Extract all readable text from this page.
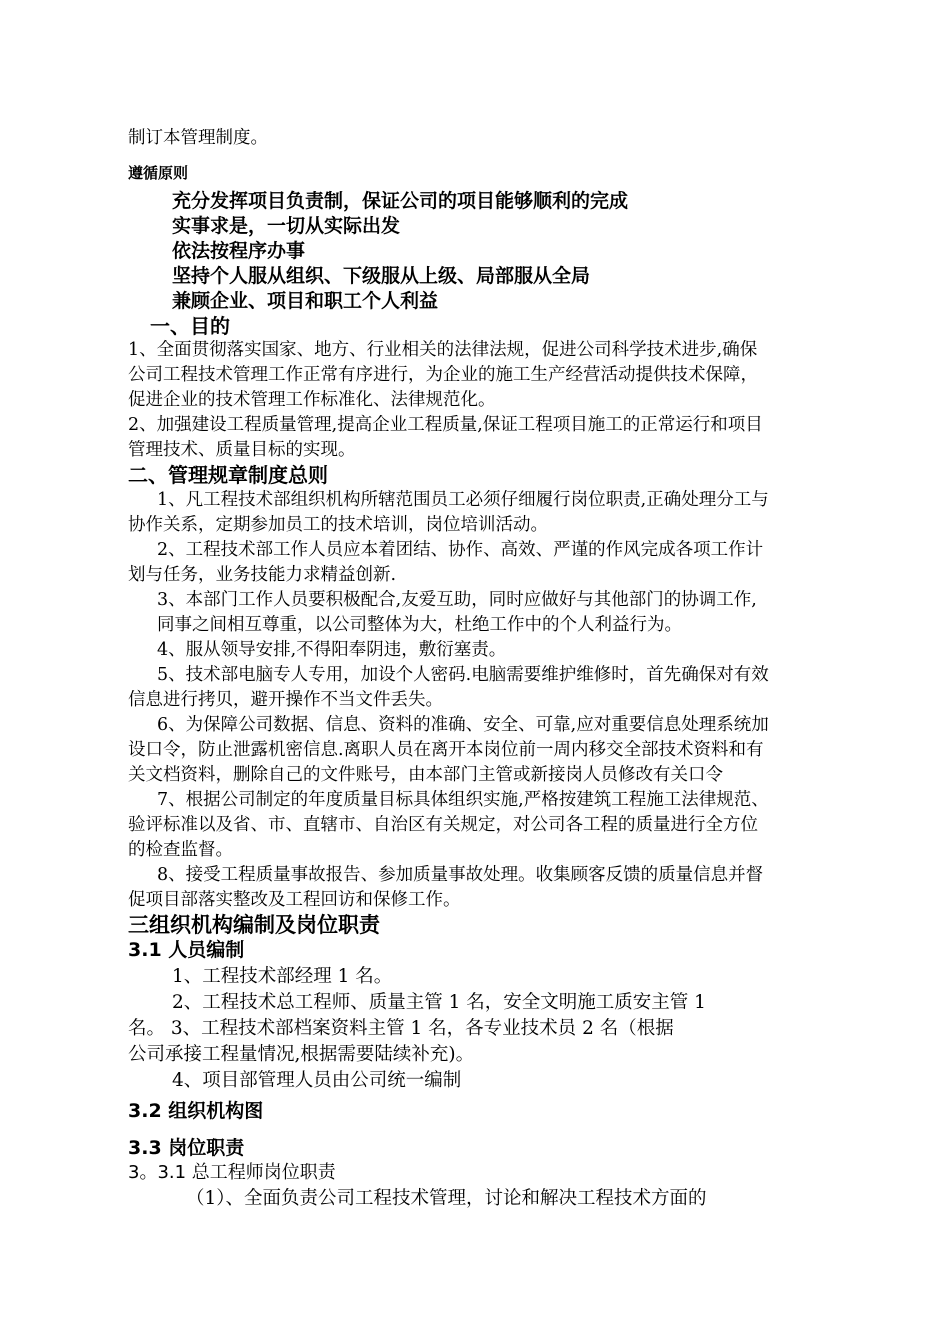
制订本管理制度。

遵循原则

充分发挥项目负责制，保证公司的项目能够顺利的完成

实事求是，一切从实际出发

依法按程序办事

坚持个人服从组织、下级服从上级、局部服从全局

兼顾企业、项目和职工个人利益

一、目的

1、全面贯彻落实国家、地方、行业相关的法律法规，促进公司科学技术进步,确保

公司工程技术管理工作正常有序进行，为企业的施工生产经营活动提供技术保障，

促进企业的技术管理工作标准化、法律规范化。

2、加强建设工程质量管理,提高企业工程质量,保证工程项目施工的正常运行和项目

管理技术、质量目标的实现。

二、管理规章制度总则

1、凡工程技术部组织机构所辖范围员工必须仔细履行岗位职责,正确处理分工与

协作关系，定期参加员工的技术培训，岗位培训活动。

2、工程技术部工作人员应本着团结、协作、高效、严谨的作风完成各项工作计

划与任务，业务技能力求精益创新.

3、本部门工作人员要积极配合,友爱互助，同时应做好与其他部门的协调工作,

同事之间相互尊重，以公司整体为大，杜绝工作中的个人利益行为。

4、服从领导安排,不得阳奉阴违，敷衍塞责。

5、技术部电脑专人专用，加设个人密码.电脑需要维护维修时，首先确保对有效

信息进行拷贝，避开操作不当文件丢失。

6、为保障公司数据、信息、资料的准确、安全、可靠,应对重要信息处理系统加

设口令，防止泄露机密信息.离职人员在离开本岗位前一周内移交全部技术资料和有

关文档资料，删除自己的文件账号，由本部门主管或新接岗人员修改有关口令

7、根据公司制定的年度质量目标具体组织实施,严格按建筑工程施工法律规范、

验评标准以及省、市、直辖市、自治区有关规定，对公司各工程的质量进行全方位

的检查监督。

8、接受工程质量事故报告、参加质量事故处理。收集顾客反馈的质量信息并督

促项目部落实整改及工程回访和保修工作。

三组织机构编制及岗位职责

3.1 人员编制

1、工程技术部经理 1 名。

2、工程技术总工程师、质量主管 1 名，安全文明施工质安主管 1

名。 3、工程技术部档案资料主管 1 名，各专业技术员 2 名（根据

公司承接工程量情况,根据需要陆续补充)。

4、项目部管理人员由公司统一编制

3.2 组织机构图

3.3 岗位职责

3。3.1 总工程师岗位职责

（1）、全面负责公司工程技术管理，讨论和解决工程技术方面的
